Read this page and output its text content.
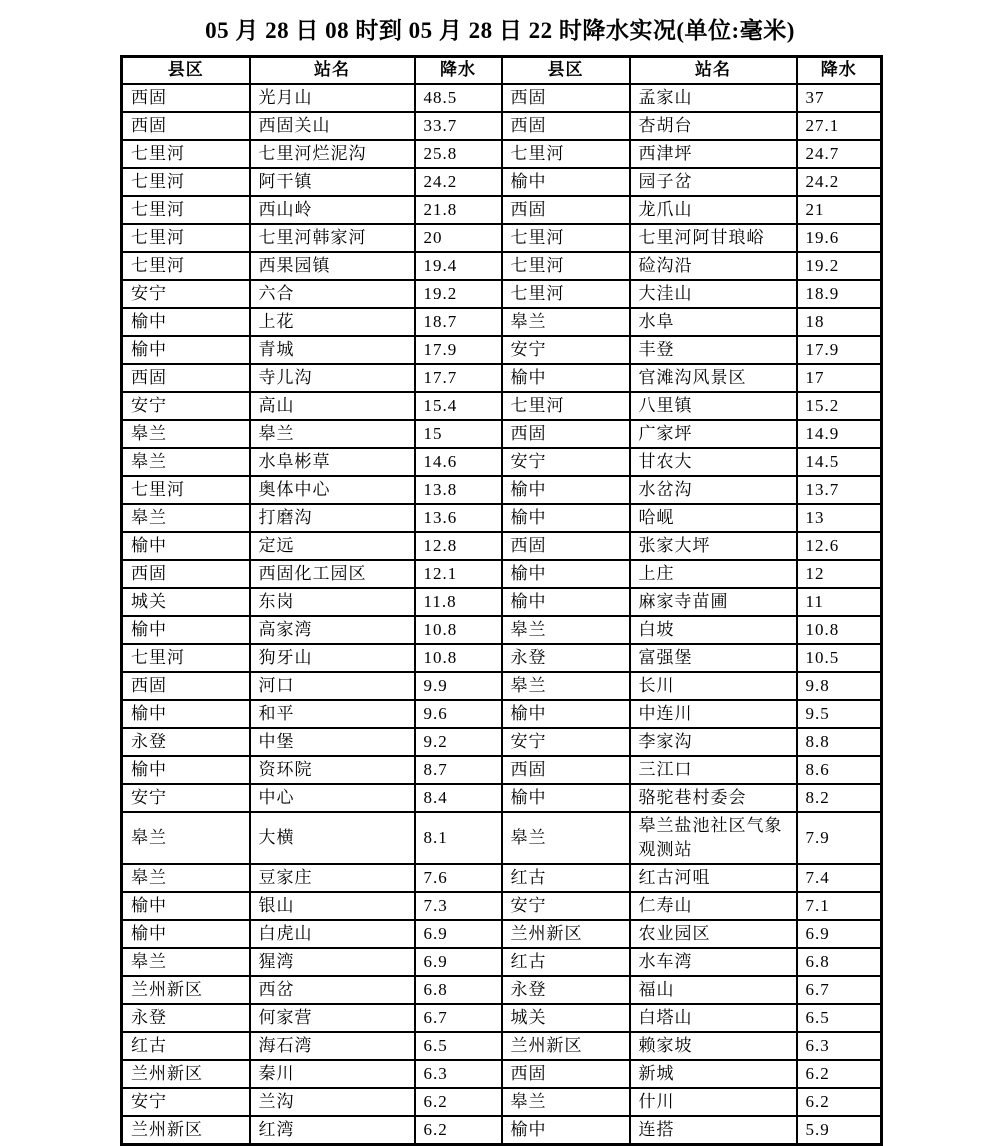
05 月 28 日 08 时到 05 月 28 日 22 时降水实况(单位:毫米)
县区	站名	降水	县区	站名	降水
西固	光月山	48.5	西固	孟家山	37
西固	西固关山	33.7	西固	杏胡台	27.1
七里河	七里河烂泥沟	25.8	七里河	西津坪	24.7
七里河	阿干镇	24.2	榆中	园子岔	24.2
七里河	西山岭	21.8	西固	龙爪山	21
七里河	七里河韩家河	20	七里河	七里河阿甘琅峪	19.6
七里河	西果园镇	19.4	七里河	硷沟沿	19.2
安宁	六合	19.2	七里河	大洼山	18.9
榆中	上花	18.7	皋兰	水阜	18
榆中	青城	17.9	安宁	丰登	17.9
西固	寺儿沟	17.7	榆中	官滩沟风景区	17
安宁	高山	15.4	七里河	八里镇	15.2
皋兰	皋兰	15	西固	广家坪	14.9
皋兰	水阜彬草	14.6	安宁	甘农大	14.5
七里河	奥体中心	13.8	榆中	水岔沟	13.7
皋兰	打磨沟	13.6	榆中	哈岘	13
榆中	定远	12.8	西固	张家大坪	12.6
西固	西固化工园区	12.1	榆中	上庄	12
城关	东岗	11.8	榆中	麻家寺苗圃	11
榆中	高家湾	10.8	皋兰	白坡	10.8
七里河	狗牙山	10.8	永登	富强堡	10.5
西固	河口	9.9	皋兰	长川	9.8
榆中	和平	9.6	榆中	中连川	9.5
永登	中堡	9.2	安宁	李家沟	8.8
榆中	资环院	8.7	西固	三江口	8.6
安宁	中心	8.4	榆中	骆驼巷村委会	8.2
皋兰	大横	8.1	皋兰	皋兰盐池社区气象观测站	7.9
皋兰	豆家庄	7.6	红古	红古河咀	7.4
榆中	银山	7.3	安宁	仁寿山	7.1
榆中	白虎山	6.9	兰州新区	农业园区	6.9
皋兰	猩湾	6.9	红古	水车湾	6.8
兰州新区	西岔	6.8	永登	福山	6.7
永登	何家营	6.7	城关	白塔山	6.5
红古	海石湾	6.5	兰州新区	赖家坡	6.3
兰州新区	秦川	6.3	西固	新城	6.2
安宁	兰沟	6.2	皋兰	什川	6.2
兰州新区	红湾	6.2	榆中	连搭	5.9
